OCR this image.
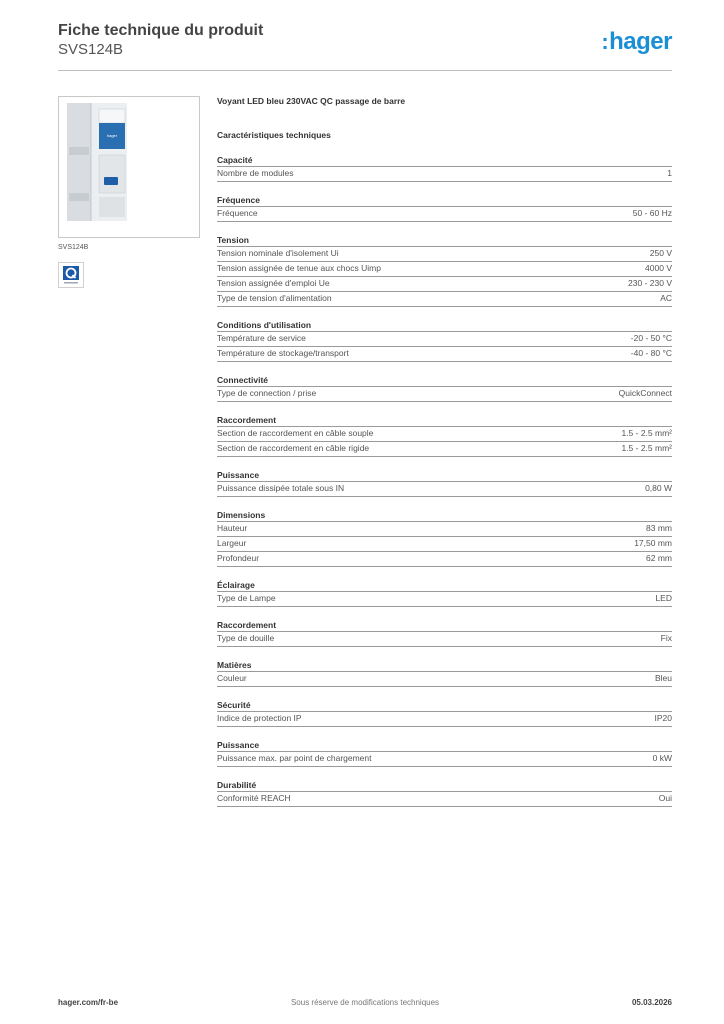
Fiche technique du produit
SVS124B	:hager
hager
SVS124B
Voyant LED bleu 230VAC QC passage de barre
Caractéristiques techniques
Capacité
Nombre de modules	1
Fréquence
Fréquence	50 - 60 Hz
Tension
Tension nominale d'isolement Ui	250 V
Tension assignée de tenue aux chocs Uimp	4000 V
Tension assignée d'emploi Ue	230 - 230 V
Type de tension d'alimentation	AC
Conditions d'utilisation
Température de service	-20 - 50 °C
Température de stockage/transport	-40 - 80 °C
Connectivité
Type de connection / prise	QuickConnect
Raccordement
Section de raccordement en câble souple	1.5 - 2.5 mm²
Section de raccordement en câble rigide	1.5 - 2.5 mm²
Puissance
Puissance dissipée totale sous IN	0,80 W
Dimensions
Hauteur	83 mm
Largeur	17,50 mm
Profondeur	62 mm
Éclairage
Type de Lampe	LED
Raccordement
Type de douille	Fix
Matières
Couleur	Bleu
Sécurité
Indice de protection IP	IP20
Puissance
Puissance max. par point de chargement	0 kW
Durabilité
Conformité REACH	Oui
hager.com/fr-be	Sous réserve de modifications techniques	05.03.2026
